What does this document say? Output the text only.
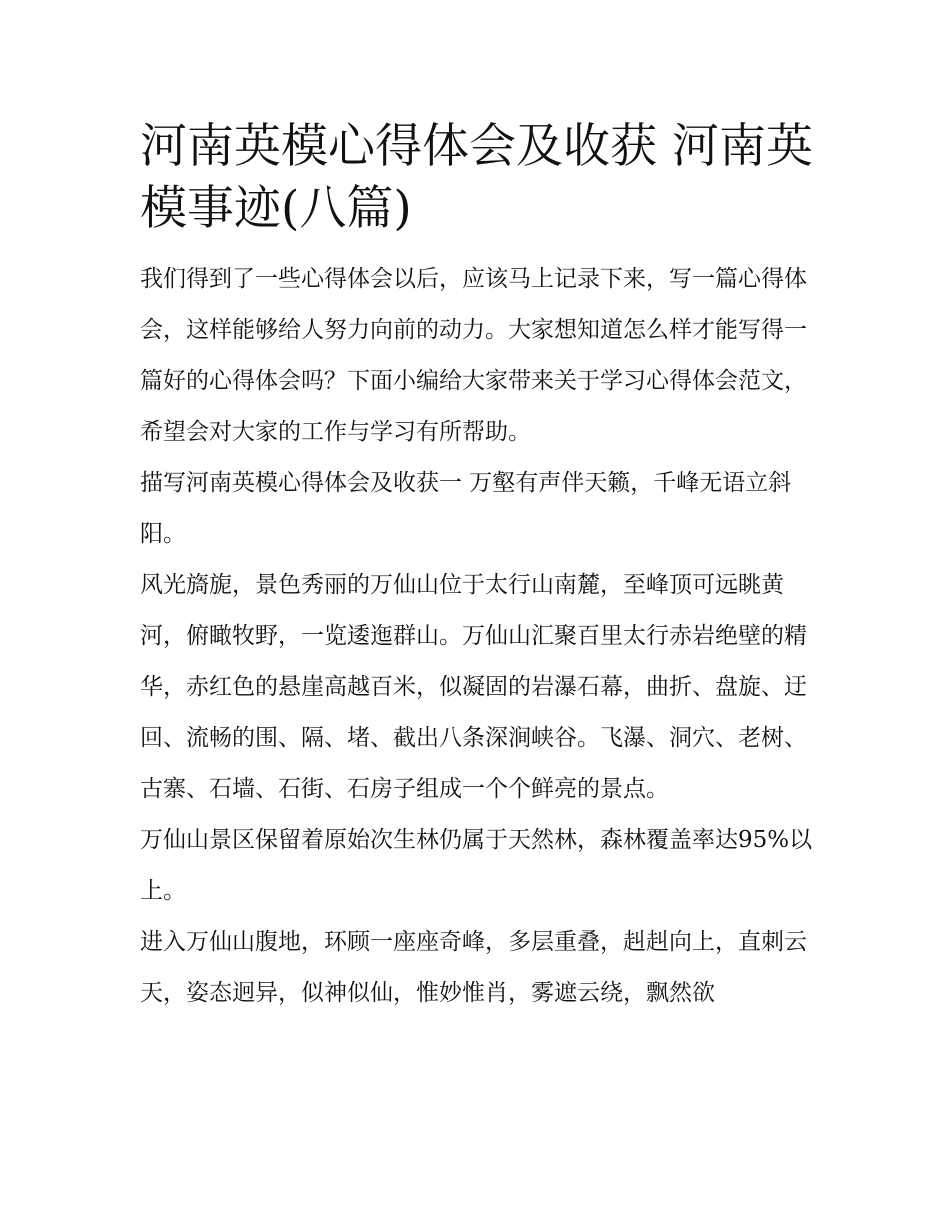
河南英模心得体会及收获 河南英模事迹(八篇)

我们得到了一些心得体会以后，应该马上记录下来，写一篇心得体会，这样能够给人努力向前的动力。大家想知道怎么样才能写得一篇好的心得体会吗？下面小编给大家带来关于学习心得体会范文，希望会对大家的工作与学习有所帮助。

描写河南英模心得体会及收获一 万壑有声伴天籁，千峰无语立斜阳。

风光旖旎，景色秀丽的万仙山位于太行山南麓，至峰顶可远眺黄河，俯瞰牧野，一览逶迤群山。万仙山汇聚百里太行赤岩绝壁的精华，赤红色的悬崖高越百米，似凝固的岩瀑石幕，曲折、盘旋、迂回、流畅的围、隔、堵、截出八条深涧峡谷。飞瀑、洞穴、老树、古寨、石墙、石街、石房子组成一个个鲜亮的景点。

万仙山景区保留着原始次生林仍属于天然林，森林覆盖率达95%以上。

进入万仙山腹地，环顾一座座奇峰，多层重叠，赳赳向上，直刺云天，姿态迥异，似神似仙，惟妙惟肖，雾遮云绕，飘然欲
